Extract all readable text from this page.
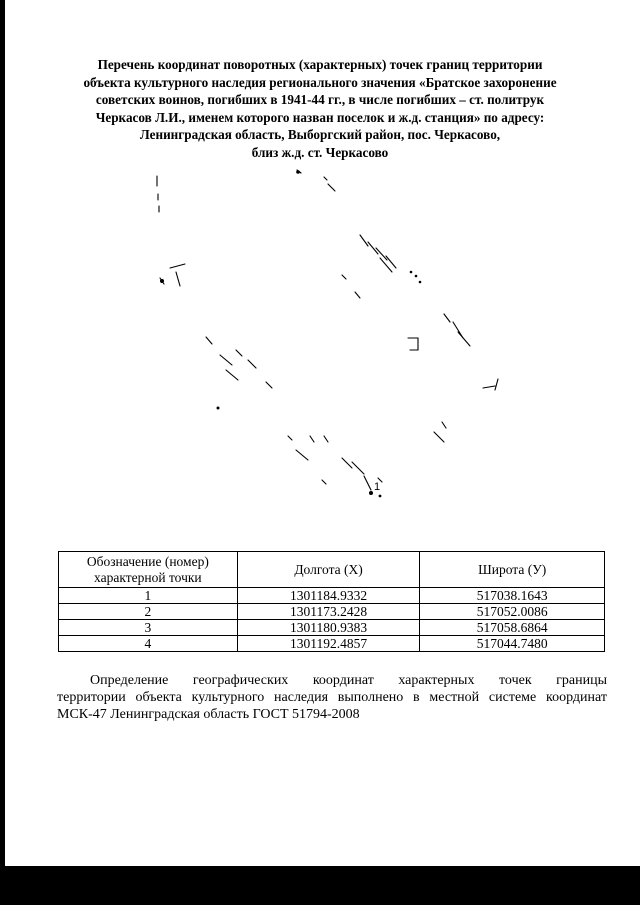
Перечень координат поворотных (характерных) точек границ территории
объекта культурного наследия регионального значения «Братское захоронение
советских воинов, погибших в 1941-44 гг., в числе погибших – ст. политрук
Черкасов Л.И., именем которого назван поселок и ж.д. станция» по адресу:
Ленинградская область, Выборгский район, пос. Черкасово,
близ ж.д. ст. Черкасово
1
Обозначение (номер) характерной точки	Долгота (Х)	Широта (У)
1	1301184.9332	517038.1643
2	1301173.2428	517052.0086
3	1301180.9383	517058.6864
4	1301192.4857	517044.7480
Определение географических координат характерных точек границы
территории объекта культурного наследия выполнено в местной системе координат МСК-47 Ленинградская область ГОСТ 51794-2008
